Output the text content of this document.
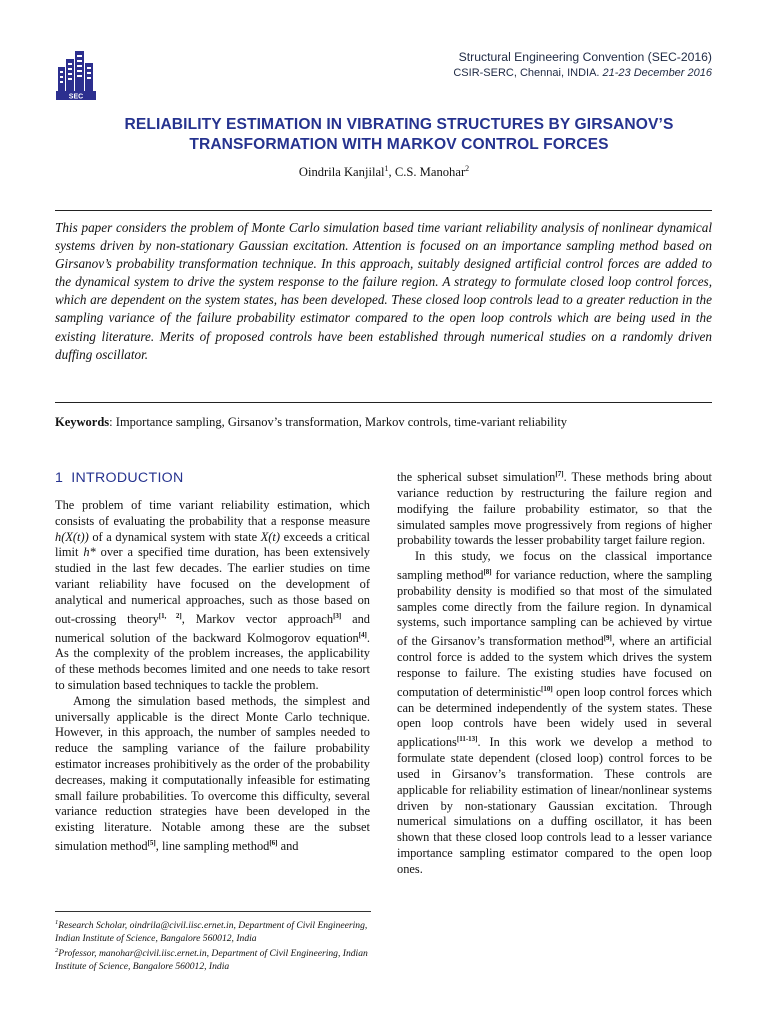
SEC
Structural Engineering Convention (SEC-2016)
CSIR-SERC, Chennai, INDIA. 21-23 December 2016
RELIABILITY ESTIMATION IN VIBRATING STRUCTURES BY GIRSANOV’S
TRANSFORMATION WITH MARKOV CONTROL FORCES
Oindrila Kanjilal$^1$, C.S. Manohar$^2$
This paper considers the problem of Monte Carlo simulation based time variant reliability analysis of nonlinear dynamical systems driven by non-stationary Gaussian excitation. Attention is focused on an importance sampling method based on Girsanov’s probability transformation technique. In this approach, suitably designed artificial control forces are added to the dynamical system to drive the system response to the failure region. A strategy to formulate closed loop control forces, which are dependent on the system states, has been developed. These closed loop controls lead to a greater reduction in the sampling variance of the failure probability estimator compared to the open loop controls which are being used in the existing literature. Merits of proposed controls have been established through numerical studies on a randomly driven duffing oscillator.
Keywords: Importance sampling, Girsanov’s transformation, Markov controls, time-variant reliability
1 INTRODUCTION

The problem of time variant reliability estimation, which consists of evaluating the probability that a response measure h(X(t)) of a dynamical system with state X(t) exceeds a critical limit h* over a specified time duration, has been extensively studied in the last few decades. The earlier studies on time variant reliability have focused on the development of analytical and numerical approaches, such as those based on out-crossing theory[1, 2], Markov vector approach[3] and numerical solution of the backward Kolmogorov equation[4]. As the complexity of the problem increases, the applicability of these methods becomes limited and one needs to take resort to simulation based techniques to tackle the problem.

Among the simulation based methods, the simplest and universally applicable is the direct Monte Carlo technique. However, in this approach, the number of samples needed to reduce the sampling variance of the failure probability estimator increases prohibitively as the order of the probability decreases, making it computationally infeasible for estimating small failure probabilities. To overcome this difficulty, several variance reduction strategies have been developed in the existing literature. Notable among these are the subset simulation method[5], line sampling method[6] and

the spherical subset simulation[7]. These methods bring about variance reduction by restructuring the failure region and modifying the failure probability estimator, so that the simulated samples move progressively from regions of higher probability towards the lesser probability target failure region.

In this study, we focus on the classical importance sampling method[8] for variance reduction, where the sampling probability density is modified so that most of the simulated samples come directly from the failure region. In dynamical systems, such importance sampling can be achieved by virtue of the Girsanov’s transformation method[9], where an artificial control force is added to the system which drives the system response to failure. The existing studies have focused on computation of deterministic[10] open loop control forces which can be determined independently of the system states. These open loop controls have been widely used in several applications[11-13]. In this work we develop a method to formulate state dependent (closed loop) control forces to be used in Girsanov’s transformation. These controls are applicable for reliability estimation of linear/nonlinear systems driven by non-stationary Gaussian excitation. Through numerical simulations on a duffing oscillator, it has been shown that these closed loop controls lead to a lesser variance importance sampling estimator compared to the open loop ones.

$^1$Research Scholar, oindrila@civil.iisc.ernet.in, Department of Civil Engineering, Indian Institute of Science, Bangalore 560012, India
$^2$Professor, manohar@civil.iisc.ernet.in, Department of Civil Engineering, Indian Institute of Science, Bangalore 560012, India
